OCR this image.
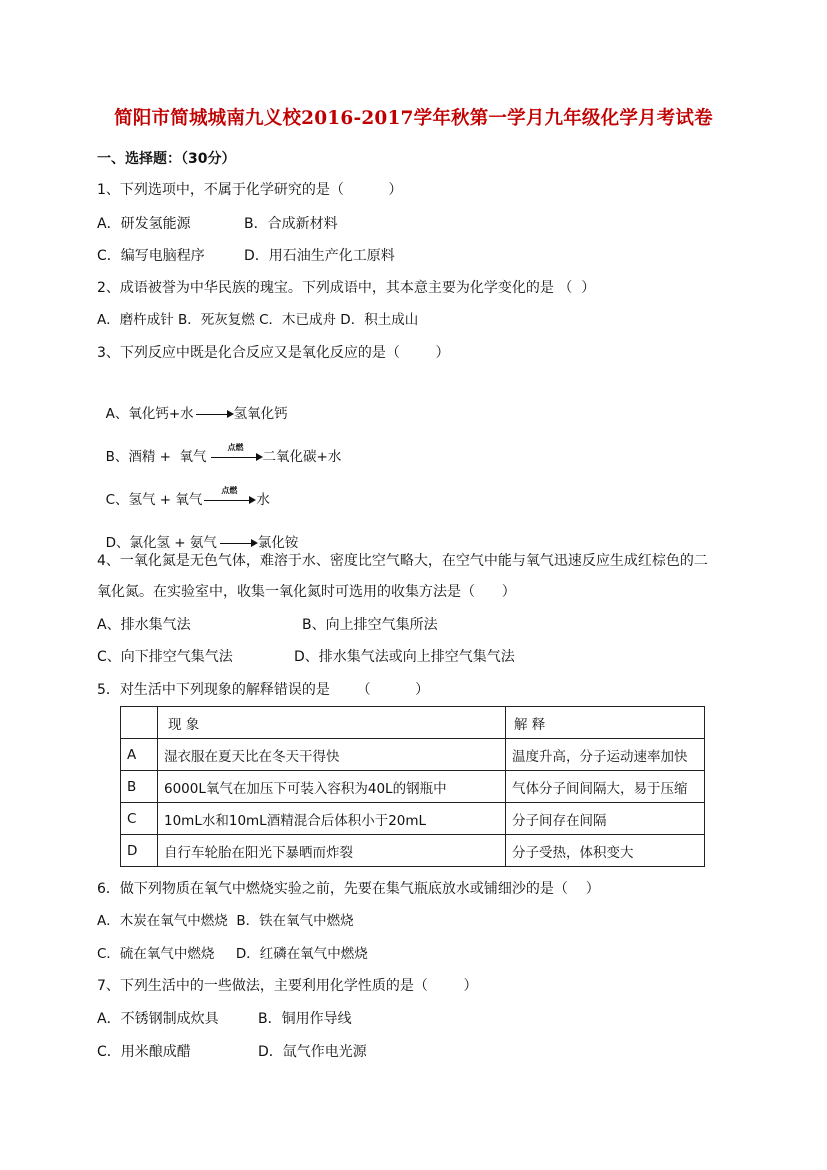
简阳市简城城南九义校2016-2017学年秋第一学月九年级化学月考试卷
一、选择题：（30分）
1、下列选项中，不属于化学研究的是（          ）
A．研发氢能源	B．合成新材料
C．编写电脑程序	D．用石油生产化工原料
2、成语被誉为中华民族的瑰宝。下列成语中，其本意主要为化学变化的是 （  ）
A．磨杵成针 B．死灰复燃 C．木已成舟 D．积土成山
3、下列反应中既是化合反应又是氧化反应的是（        ）

A、氧化钙+水	氢氧化钙

B、酒精 +  氧气
点燃
二氧化碳+水

C、氢气 + 氧气
点燃
水

D、氯化氢 + 氨气	氯化铵

4、一氧化氮是无色气体，难溶于水、密度比空气略大，在空气中能与氧气迅速反应生成红棕色的二
氧化氮。在实验室中，收集一氧化氮时可选用的收集方法是（      ）
A、排水集气法	B、向上排空气集所法
C、向下排空气集气法	D、排水集气法或向上排空气集气法
5．对生活中下列现象的解释错误的是      （          ）
	现 象	解 释
A	湿衣服在夏天比在冬天干得快	温度升高，分子运动速率加快
B	6000L氧气在加压下可装入容积为40L的钢瓶中	气体分子间间隔大，易于压缩
C	10mL水和10mL酒精混合后体积小于20mL	分子间存在间隔
D	自行车轮胎在阳光下暴晒而炸裂	分子受热，体积变大
6．做下列物质在氧气中燃烧实验之前，先要在集气瓶底放水或铺细沙的是（    ）
A．木炭在氧气中燃烧  B．铁在氧气中燃烧
C．硫在氧气中燃烧     D．红磷在氧气中燃烧
7、下列生活中的一些做法，主要利用化学性质的是（        ）
A．不锈钢制成炊具	B．铜用作导线
C．用米酿成醋	D．氙气作电光源
